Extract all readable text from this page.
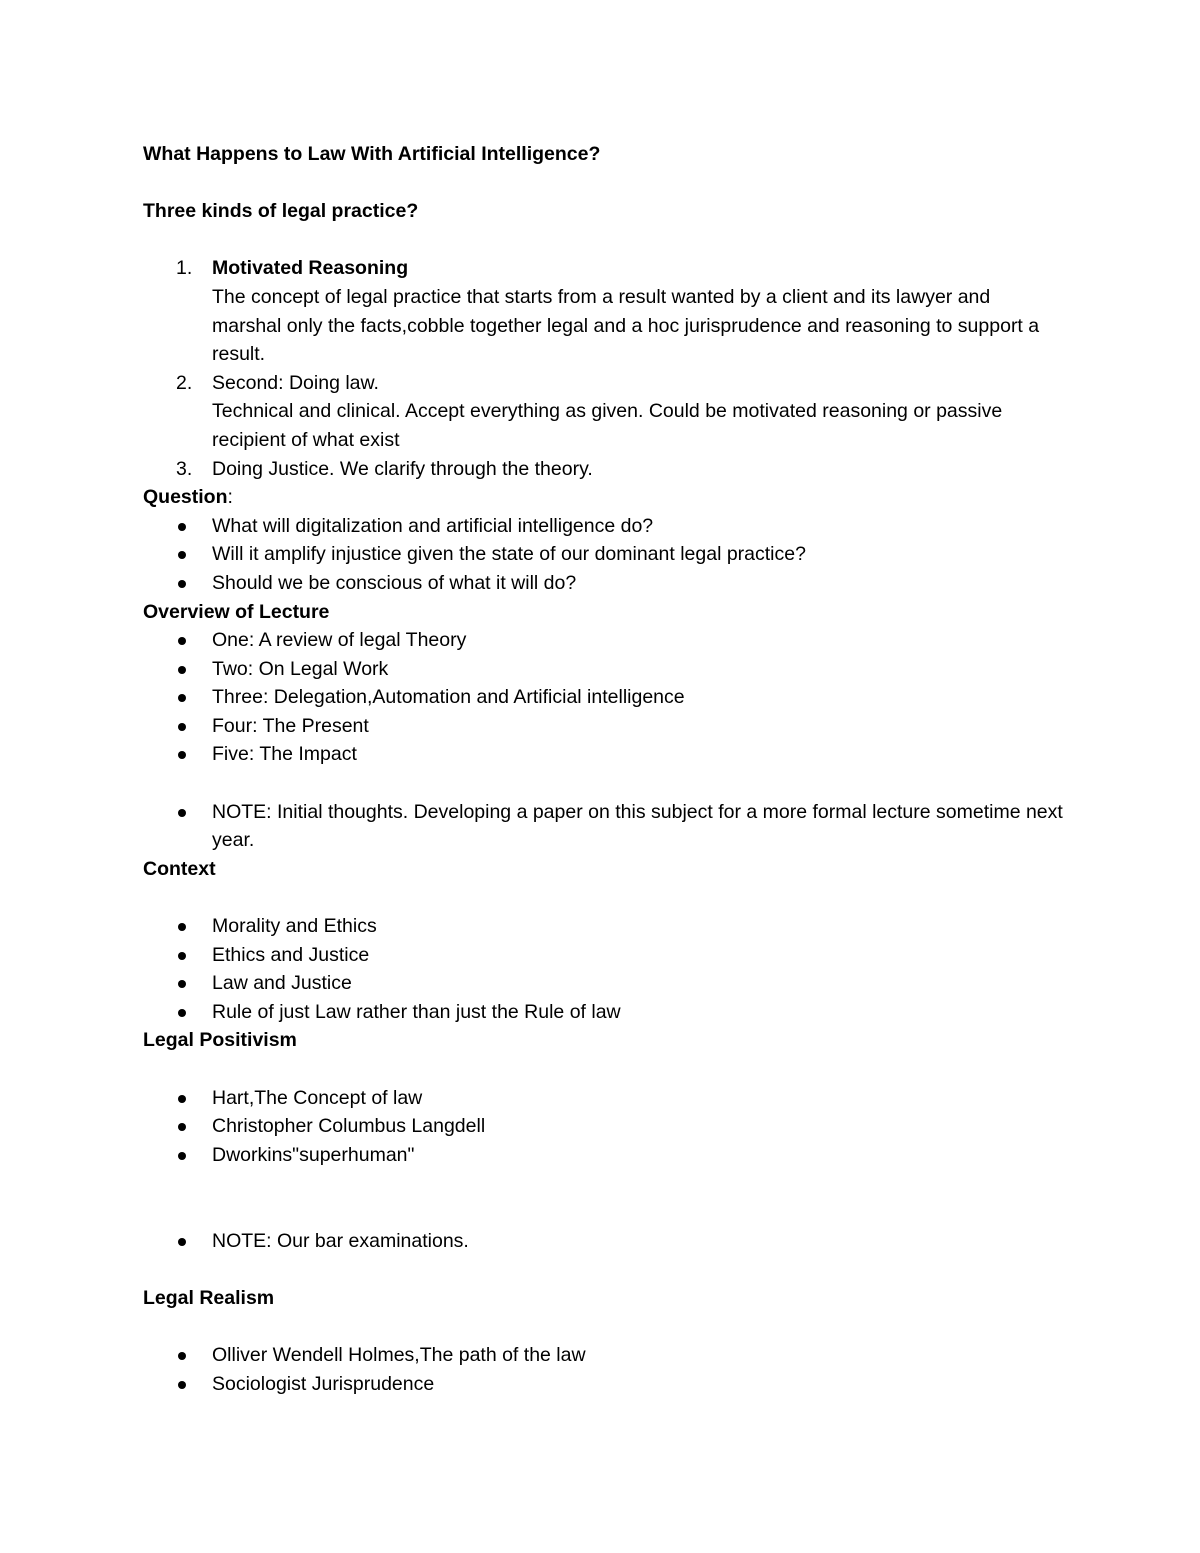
What Happens to Law With Artificial Intelligence?
Three kinds of legal practice?
1. Motivated Reasoning
The concept of legal practice that starts from a result wanted by a client and its lawyer and marshal only the facts,cobble together legal and a hoc jurisprudence and reasoning to support a result.
2. Second: Doing law.
Technical and clinical. Accept everything as given. Could be motivated reasoning or passive recipient of what exist
3. Doing Justice. We clarify through the theory.
Question:
What will digitalization and artificial intelligence do?
Will it amplify injustice given the state of our dominant legal practice?
Should we be conscious of what it will do?
Overview of Lecture
One: A review of legal Theory
Two: On Legal Work
Three: Delegation,Automation and Artificial intelligence
Four: The Present
Five: The Impact
NOTE: Initial thoughts. Developing a paper on this subject for a more formal lecture sometime next year.
Context
Morality and Ethics
Ethics and Justice
Law and Justice
Rule of just Law rather than just the Rule of law
Legal Positivism
Hart,The Concept of law
Christopher Columbus Langdell
Dworkins"superhuman"
NOTE: Our bar examinations.
Legal Realism
Olliver Wendell Holmes,The path of the law
Sociologist Jurisprudence
